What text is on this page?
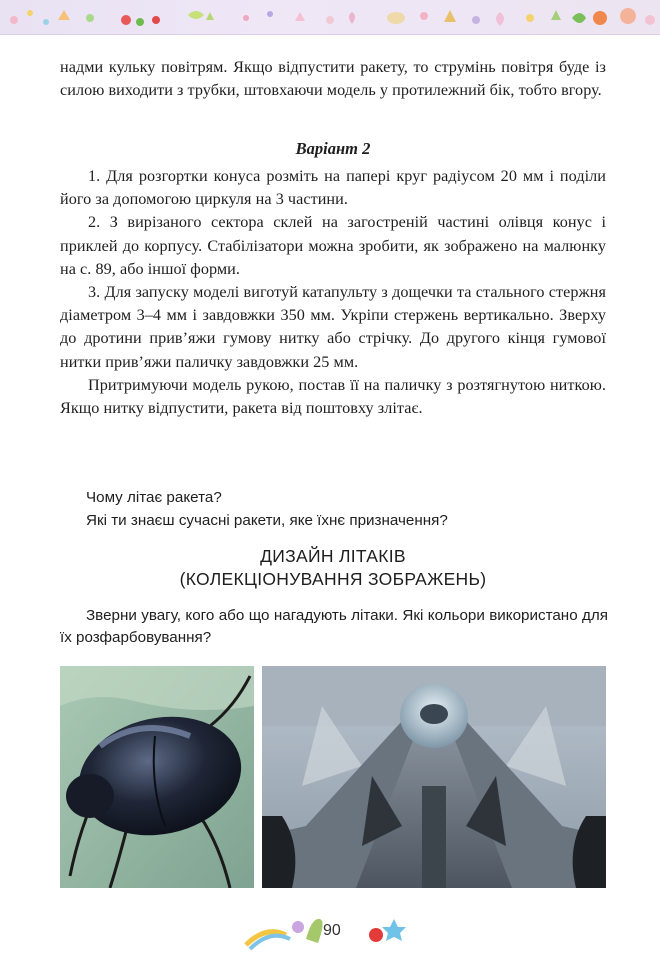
надми кульку повітрям. Якщо відпустити ракету, то струмінь повітря буде із силою виходити з трубки, штовхаючи модель у протилежний бік, тобто вгору.

Варіант 2

1. Для розгортки конуса розміть на папері круг радіусом 20 мм і поділи його за допомогою циркуля на 3 частини.

2. З вирізаного сектора склей на загостреній частині олівця конус і приклей до корпусу. Стабілізатори можна зробити, як зображено на малюнку на с. 89, або іншої форми.

3. Для запуску моделі виготуй катапульту з дощечки та стального стержня діаметром 3–4 мм і завдовжки 350 мм. Укріпи стержень вертикально. Зверху до дротини прив’яжи гумову нитку або стрічку. До другого кінця гумової нитки прив’яжи паличку завдовжки 25 мм.

Притримуючи модель рукою, постав її на паличку з розтягнутою ниткою. Якщо нитку відпустити, ракета від поштовху злітає.

Чому літає ракета?

Які ти знаєш сучасні ракети, яке їхнє призначення?

ДИЗАЙН ЛІТАКІВ
(КОЛЕКЦІОНУВАННЯ ЗОБРАЖЕНЬ)

Зверни увагу, кого або що нагадують літаки. Які кольори використано для їх розфарбовування?

90
